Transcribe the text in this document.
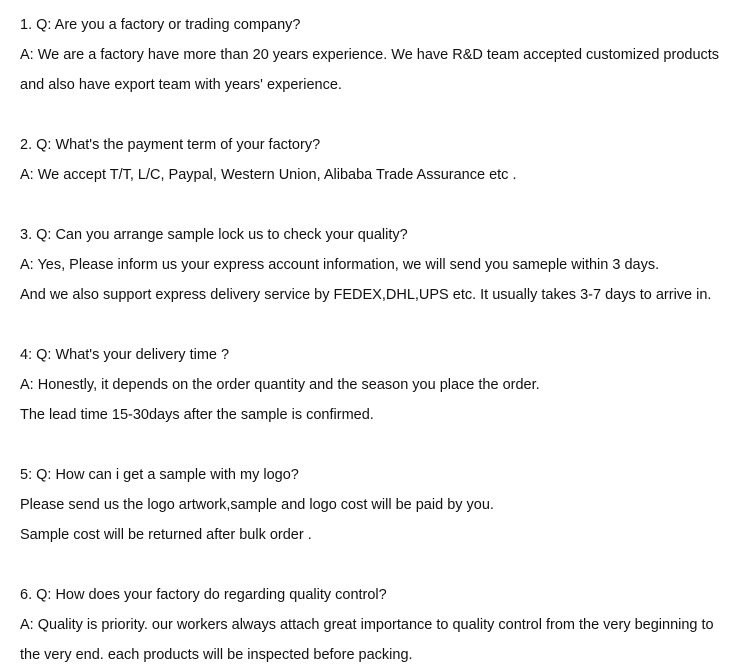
1. Q: Are you a factory or trading company?
A: We are a factory have more than 20 years experience. We have R&D team accepted customized products
and also have export team with years' experience.
2. Q: What's the payment term of your factory?
A: We accept T/T, L/C, Paypal, Western Union, Alibaba Trade Assurance etc .
3. Q: Can you arrange sample lock us to check your quality?
A: Yes, Please inform us your express account information, we will send you sameple within 3 days.
And we also support express delivery service by FEDEX,DHL,UPS etc. It usually takes 3-7 days to arrive in.
4: Q: What's your delivery time ?
A: Honestly, it depends on the order quantity and the season you place the order.
The lead time 15-30days after the sample is confirmed.
5: Q: How can i get a sample with my logo?
Please send us the logo artwork,sample and logo cost will be paid by you.
Sample cost will be returned after bulk order .
6. Q: How does your factory do regarding quality control?
A: Quality is priority. our workers always attach great importance to quality control from the very beginning to
the very end. each products will be inspected before packing.
